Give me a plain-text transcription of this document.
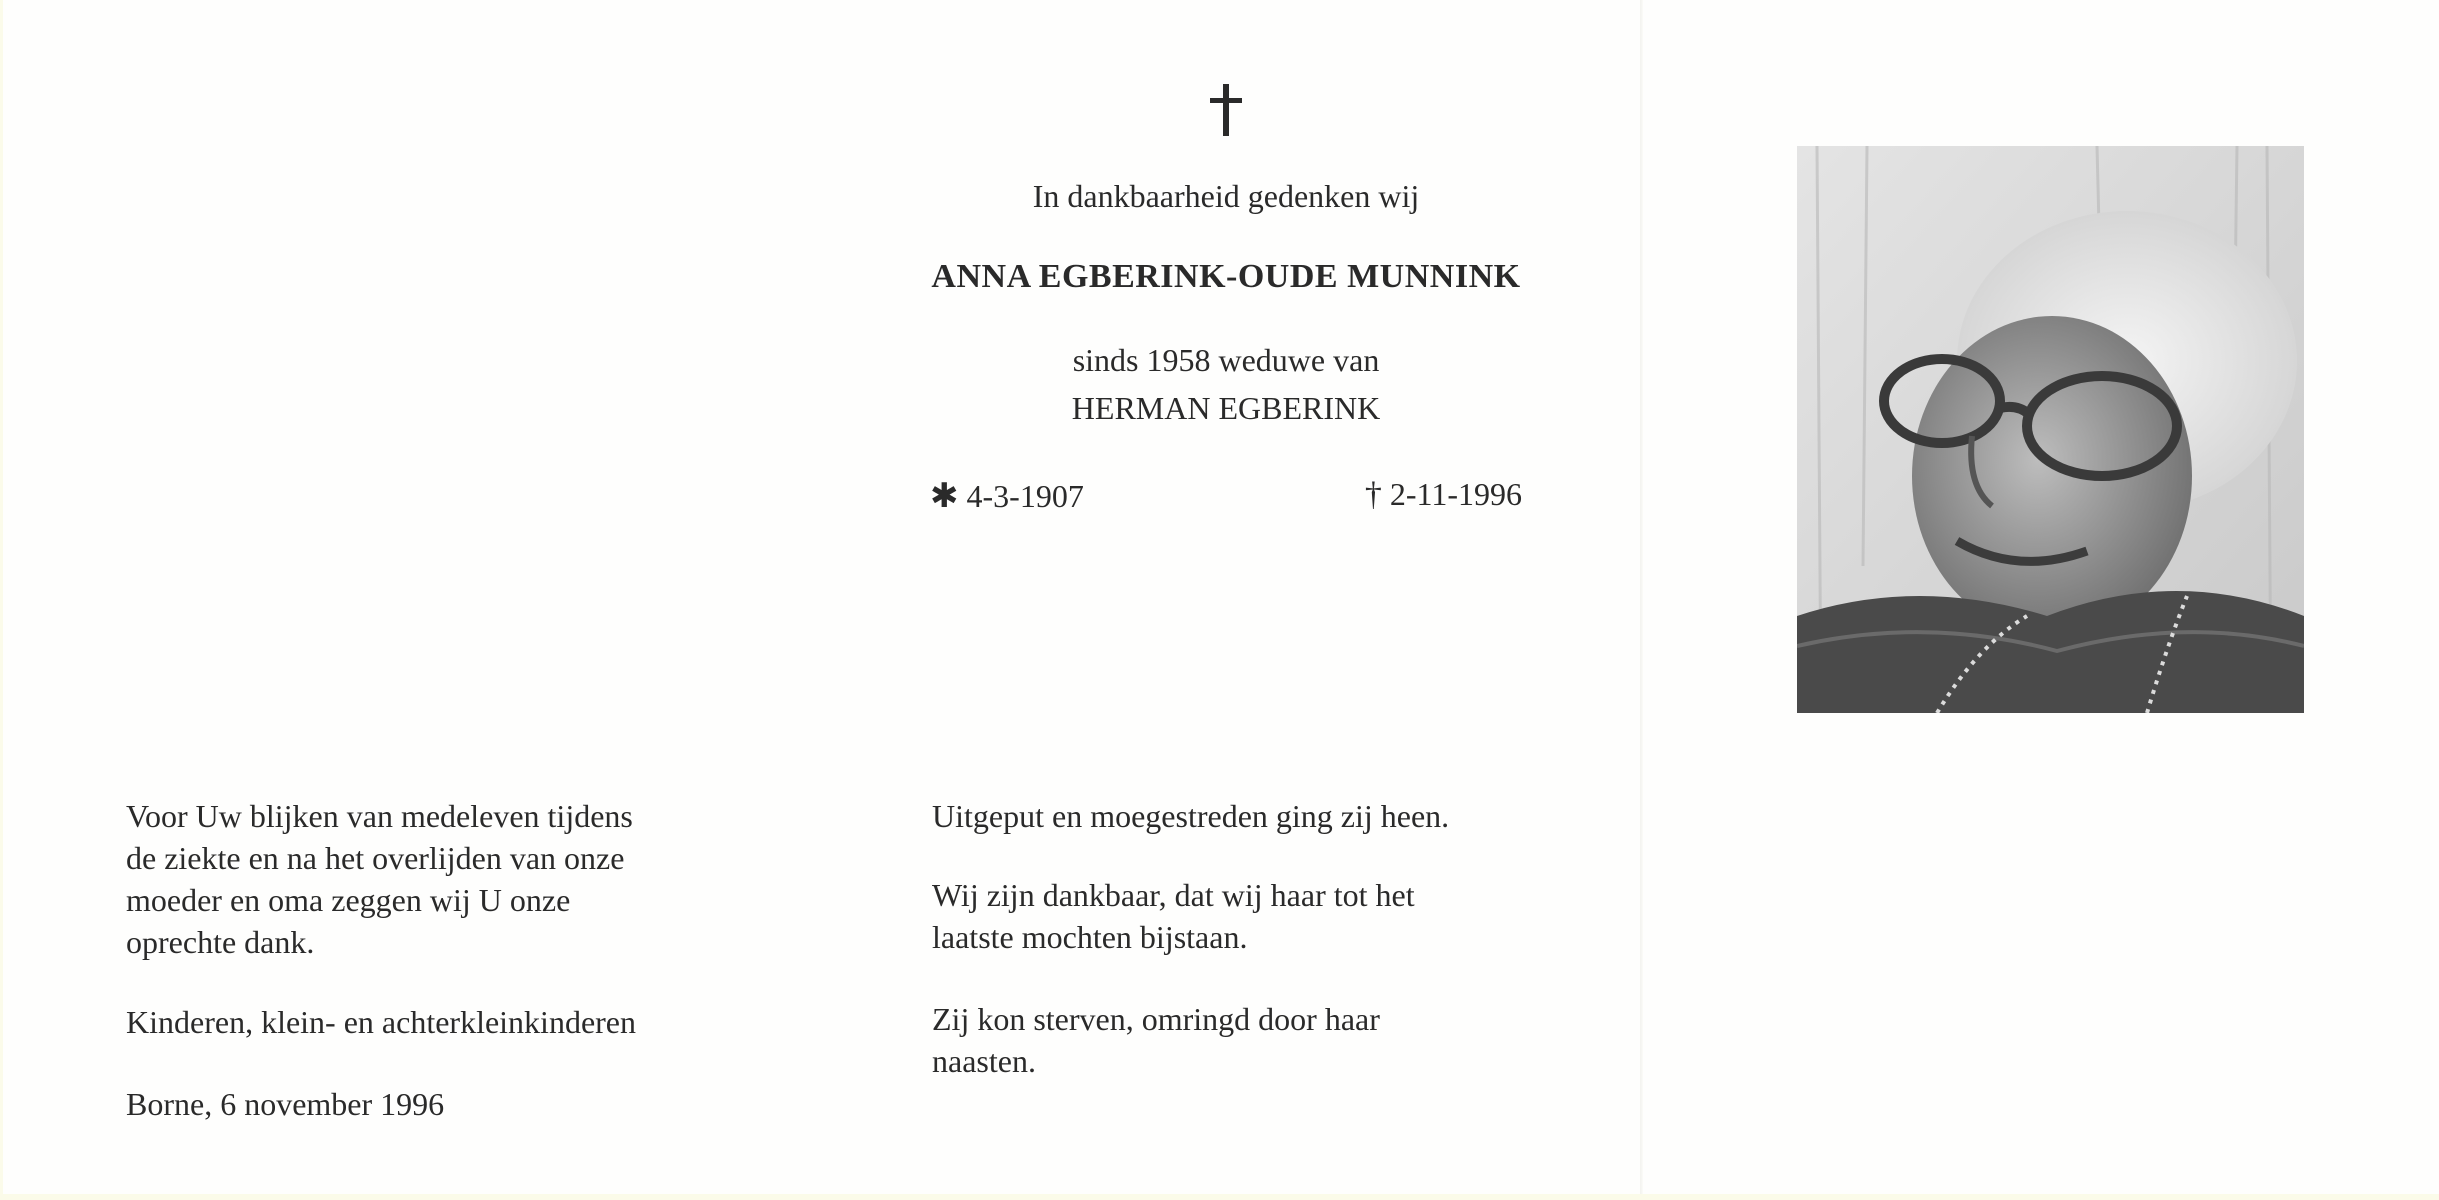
In dankbaarheid gedenken wij
ANNA EGBERINK-OUDE MUNNINK
sinds 1958 weduwe van
HERMAN EGBERINK
✱ 4-3-1907	† 2-11-1996
Voor Uw blijken van medeleven tijdens
de ziekte en na het overlijden van onze
moeder en oma zeggen wij U onze
oprechte dank.
Kinderen, klein- en achterkleinkinderen
Borne, 6 november 1996
Uitgeput en moegestreden ging zij heen.
Wij zijn dankbaar, dat wij haar tot het
laatste mochten bijstaan.
Zij kon sterven, omringd door haar
naasten.
